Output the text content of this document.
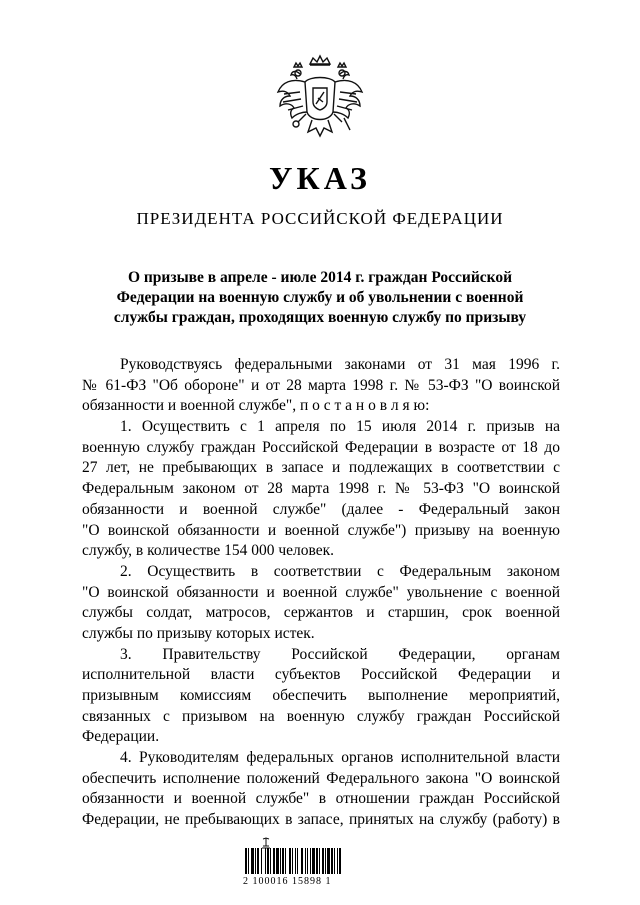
УКАЗ
ПРЕЗИДЕНТА РОССИЙСКОЙ ФЕДЕРАЦИИ
О призыве в апреле - июле 2014 г. граждан Российской
Федерации на военную службу и об увольнении с военной
службы граждан, проходящих военную службу по призыву
Руководствуясь федеральными законами от 31 мая 1996 г.
№ 61-ФЗ "Об обороне" и от 28 марта 1998 г. № 53-ФЗ "О воинской
обязанности и военной службе", п о с т а н о в л я ю:
1. Осуществить с 1 апреля по 15 июля 2014 г. призыв на
военную службу граждан Российской Федерации в возрасте от 18 до
27 лет, не пребывающих в запасе и подлежащих в соответствии с
Федеральным законом от 28 марта 1998 г. № 53-ФЗ "О воинской
обязанности и военной службе" (далее - Федеральный закон
"О воинской обязанности и военной службе") призыву на военную
службу, в количестве 154 000 человек.
2. Осуществить в соответствии с Федеральным законом
"О воинской обязанности и военной службе" увольнение с военной
службы солдат, матросов, сержантов и старшин, срок военной
службы по призыву которых истек.
3. Правительству Российской Федерации, органам
исполнительной власти субъектов Российской Федерации и
призывным комиссиям обеспечить выполнение мероприятий,
связанных с призывом на военную службу граждан Российской
Федерации.
4. Руководителям федеральных органов исполнительной власти
обеспечить исполнение положений Федерального закона "О воинской
обязанности и военной службе" в отношении граждан Российской
Федерации, не пребывающих в запасе, принятых на службу (работу) в
2 100016 15898 1
